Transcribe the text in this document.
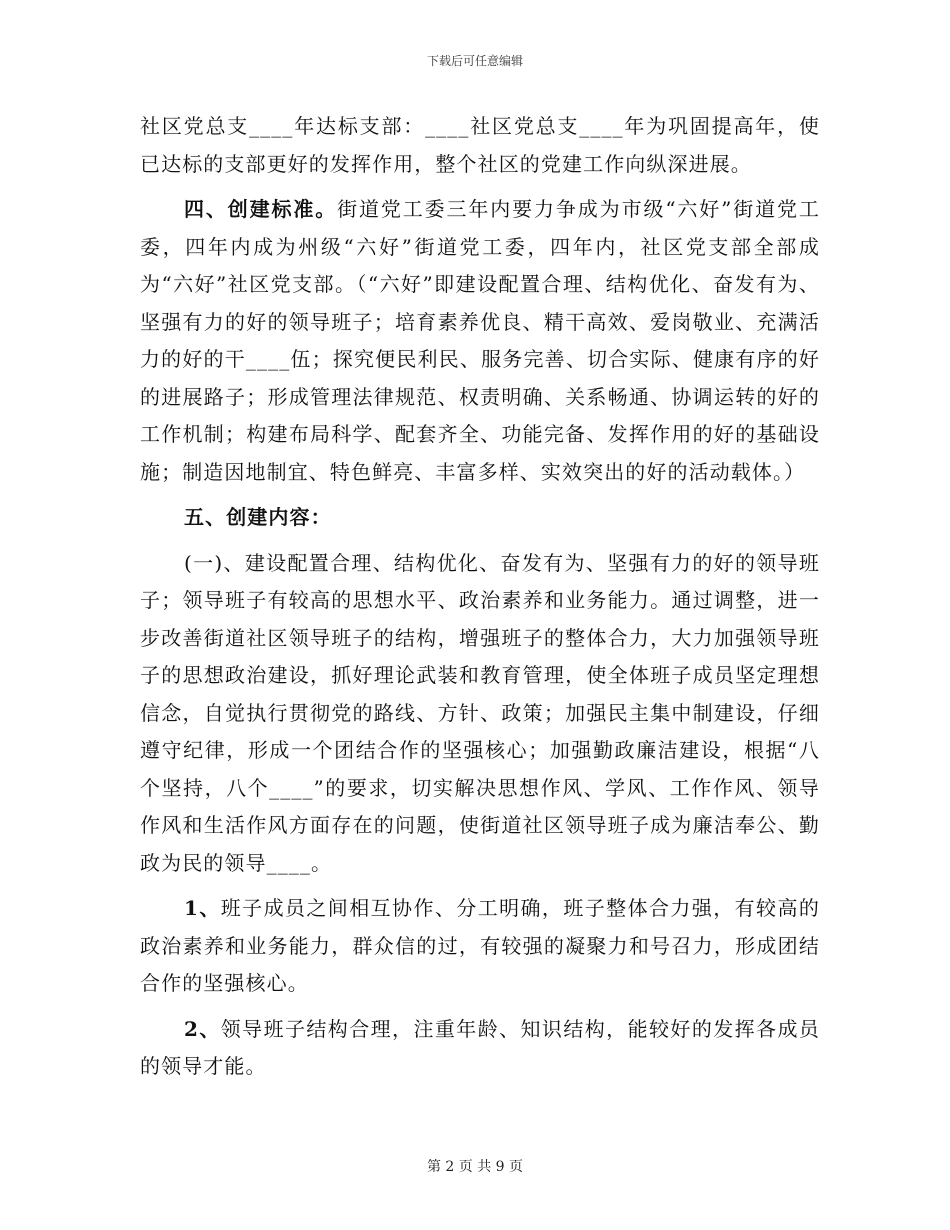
下载后可任意编辑

社区党总支____年达标支部：____社区党总支____年为巩固提高年，使已达标的支部更好的发挥作用，整个社区的党建工作向纵深进展。

四、创建标准。街道党工委三年内要力争成为市级“六好”街道党工委，四年内成为州级“六好”街道党工委，四年内，社区党支部全部成为“六好”社区党支部。（“六好”即建设配置合理、结构优化、奋发有为、坚强有力的好的领导班子；培育素养优良、精干高效、爱岗敬业、充满活力的好的干____伍；探究便民利民、服务完善、切合实际、健康有序的好的进展路子；形成管理法律规范、权责明确、关系畅通、协调运转的好的工作机制；构建布局科学、配套齐全、功能完备、发挥作用的好的基础设施；制造因地制宜、特色鲜亮、丰富多样、实效突出的好的活动载体。）

五、创建内容：

(一)、建设配置合理、结构优化、奋发有为、坚强有力的好的领导班子；领导班子有较高的思想水平、政治素养和业务能力。通过调整，进一步改善街道社区领导班子的结构，增强班子的整体合力，大力加强领导班子的思想政治建设，抓好理论武装和教育管理，使全体班子成员坚定理想信念，自觉执行贯彻党的路线、方针、政策；加强民主集中制建设，仔细遵守纪律，形成一个团结合作的坚强核心；加强勤政廉洁建设，根据“八个坚持，八个____”的要求，切实解决思想作风、学风、工作作风、领导作风和生活作风方面存在的问题，使街道社区领导班子成为廉洁奉公、勤政为民的领导____。

1、班子成员之间相互协作、分工明确，班子整体合力强，有较高的政治素养和业务能力，群众信的过，有较强的凝聚力和号召力，形成团结合作的坚强核心。

2、领导班子结构合理，注重年龄、知识结构，能较好的发挥各成员的领导才能。

第 2 页 共 9 页
